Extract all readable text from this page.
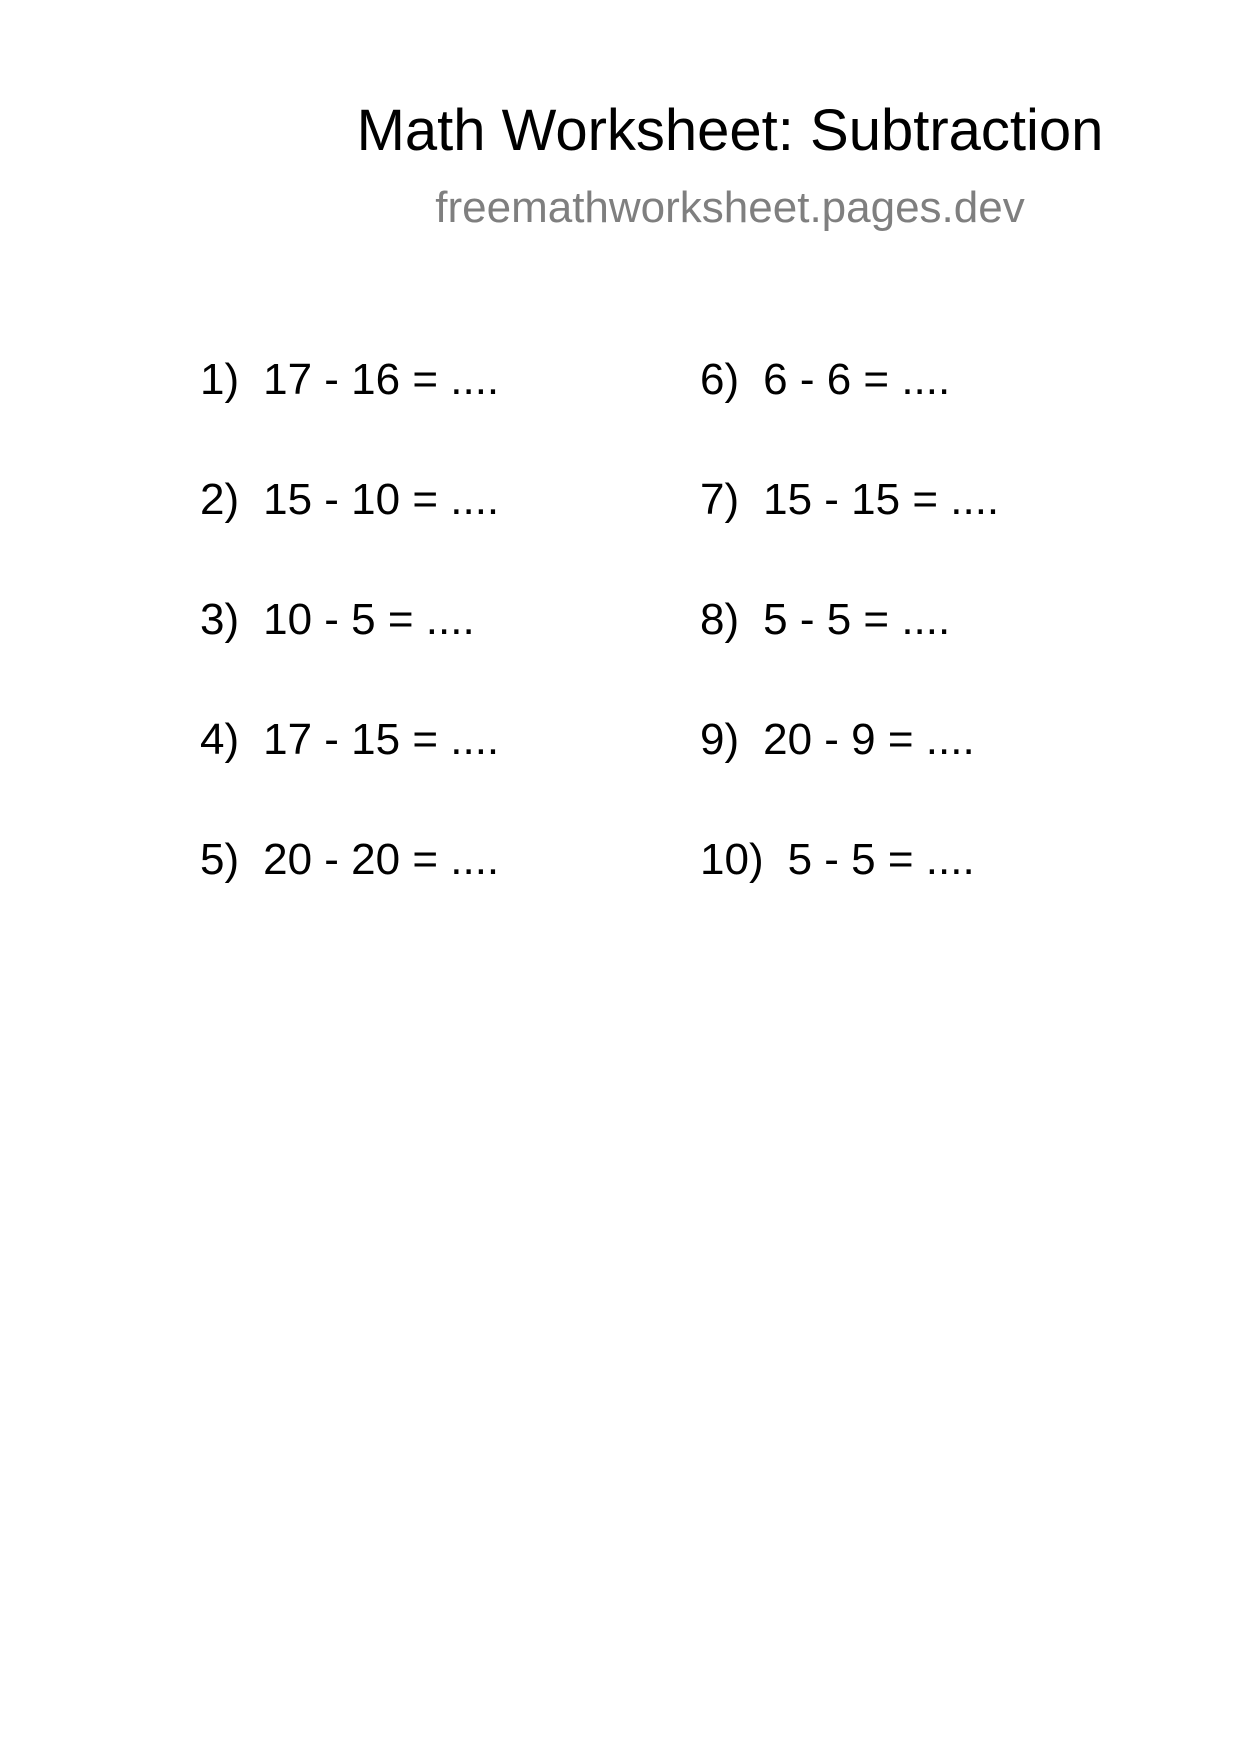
Math Worksheet: Subtraction
freemathworksheet.pages.dev
1) 17 - 16 = ....
2) 15 - 10 = ....
3) 10 - 5 = ....
4) 17 - 15 = ....
5) 20 - 20 = ....
6) 6 - 6 = ....
7) 15 - 15 = ....
8) 5 - 5 = ....
9) 20 - 9 = ....
10) 5 - 5 = ....
